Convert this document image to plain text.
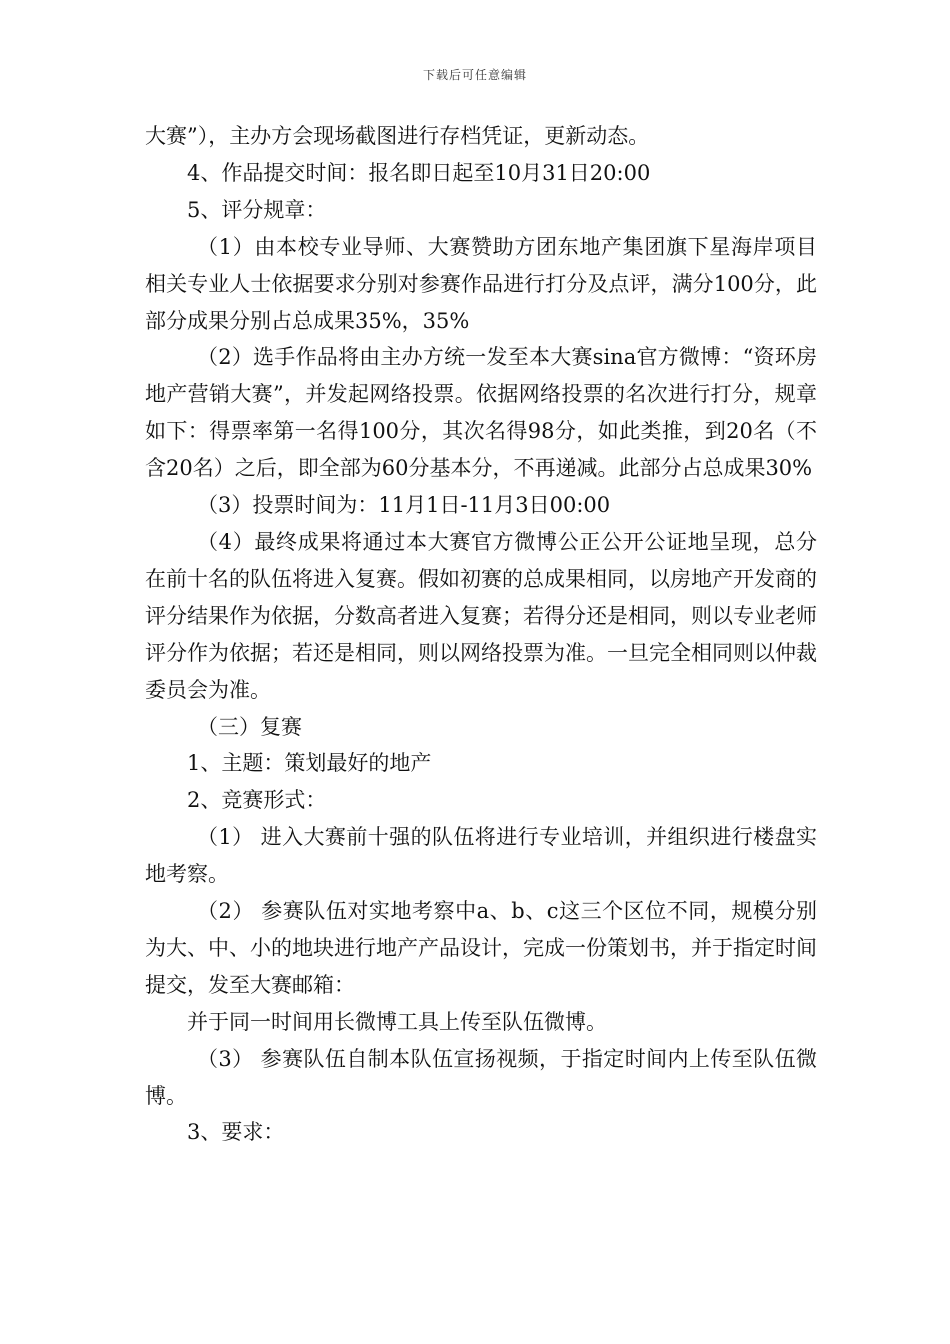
下载后可任意编辑

大赛”），主办方会现场截图进行存档凭证，更新动态。

4、作品提交时间：报名即日起至10月31日20:00

5、评分规章：

（1）由本校专业导师、大赛赞助方团东地产集团旗下星海岸项目相关专业人士依据要求分别对参赛作品进行打分及点评，满分100分，此部分成果分别占总成果35%，35%

（2）选手作品将由主办方统一发至本大赛sina官方微博：“资环房地产营销大赛”，并发起网络投票。依据网络投票的名次进行打分，规章如下：得票率第一名得100分，其次名得98分，如此类推，到20名（不含20名）之后，即全部为60分基本分，不再递减。此部分占总成果30%

（3）投票时间为：11月1日-11月3日00:00

（4）最终成果将通过本大赛官方微博公正公开公证地呈现，总分在前十名的队伍将进入复赛。假如初赛的总成果相同，以房地产开发商的评分结果作为依据，分数高者进入复赛；若得分还是相同，则以专业老师评分作为依据；若还是相同，则以网络投票为准。一旦完全相同则以仲裁委员会为准。

（三）复赛

1、主题：策划最好的地产

2、竞赛形式：

（1） 进入大赛前十强的队伍将进行专业培训，并组织进行楼盘实地考察。

（2） 参赛队伍对实地考察中a、b、c这三个区位不同，规模分别为大、中、小的地块进行地产产品设计，完成一份策划书，并于指定时间提交，发至大赛邮箱：

并于同一时间用长微博工具上传至队伍微博。

（3） 参赛队伍自制本队伍宣扬视频，于指定时间内上传至队伍微博。

3、要求：
